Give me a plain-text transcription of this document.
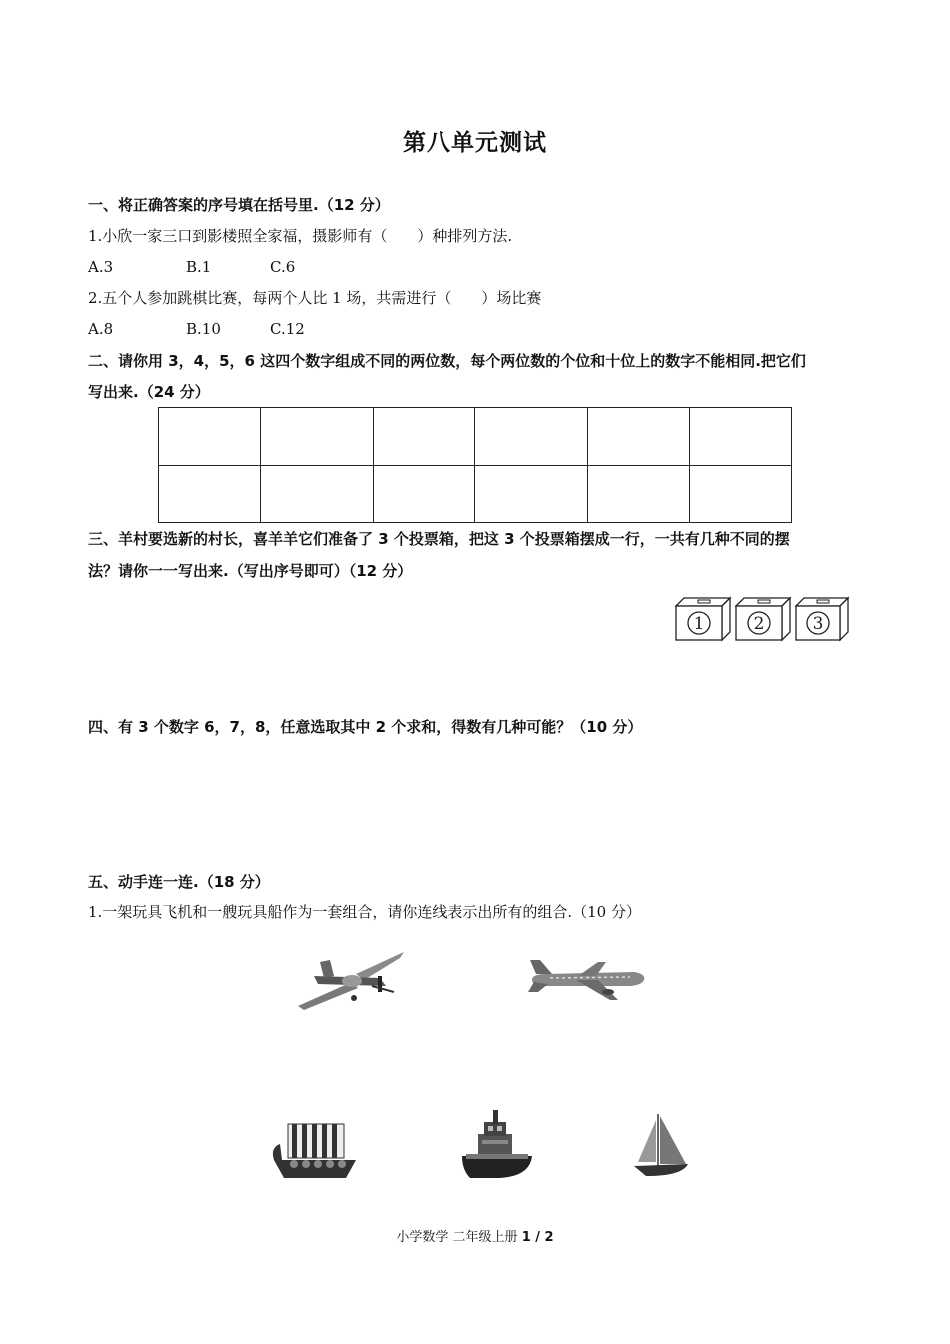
第八单元测试
一、将正确答案的序号填在括号里.（12 分）
1.小欣一家三口到影楼照全家福，摄影师有（　　）种排列方法.
A.3	B.1	C.6
2.五个人参加跳棋比赛，每两个人比 1 场，共需进行（　　）场比赛
A.8	B.10	C.12
二、请你用 3，4，5，6 这四个数字组成不同的两位数，每个两位数的个位和十位上的数字不能相同.把它们
写出来.（24 分）

三、羊村要选新的村长，喜羊羊它们准备了 3 个投票箱，把这 3 个投票箱摆成一行，一共有几种不同的摆
法？请你一一写出来.（写出序号即可）（12 分）
1	2	3
四、有 3 个数字 6，7，8，任意选取其中 2 个求和，得数有几种可能？（10 分）
五、动手连一连.（18 分）
1.一架玩具飞机和一艘玩具船作为一套组合，请你连线表示出所有的组合.（10 分）
小学数学 二年级上册 1 / 2
